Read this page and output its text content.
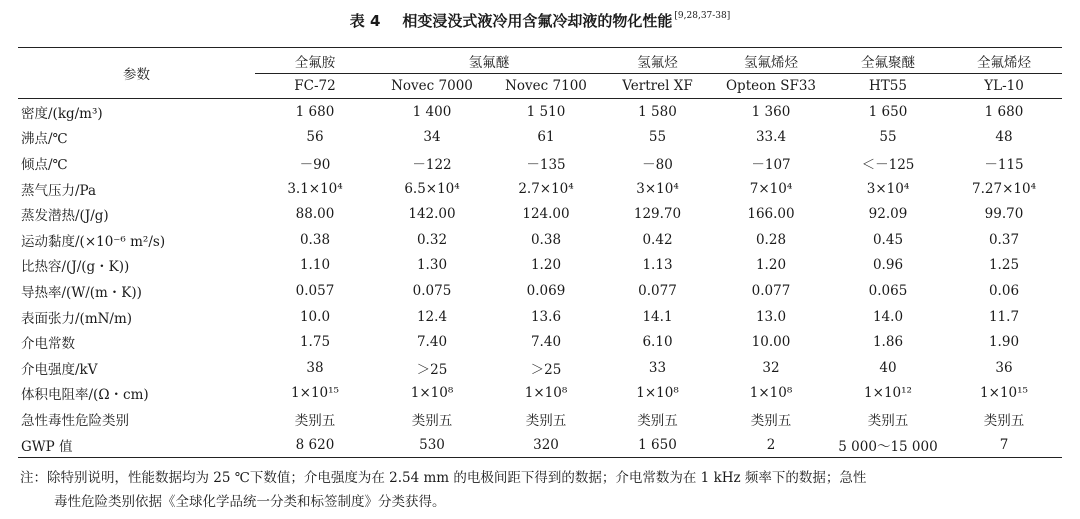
表 4 相变浸没式液冷用含氟冷却液的物化性能 [9,28,37-38]
参数	全氟胺	氢氟醚		氢氟烃	氢氟烯烃	全氟聚醚	全氟烯烃
	FC-72	Novec 7000	Novec 7100	Vertrel XF	Opteon SF33	HT55	YL-10
密度/(kg/m³)	1 680	1 400	1 510	1 580	1 360	1 650	1 680
沸点/℃	56	34	61	55	33.4	55	48
倾点/℃	－90	－122	－135	－80	－107	＜－125	－115
蒸气压力/Pa	3.1×10⁴	6.5×10⁴	2.7×10⁴	3×10⁴	7×10⁴	3×10⁴	7.27×10⁴
蒸发潜热/(J/g)	88.00	142.00	124.00	129.70	166.00	92.09	99.70
运动黏度/(×10⁻⁶ m²/s)	0.38	0.32	0.38	0.42	0.28	0.45	0.37
比热容/(J/(g・K))	1.10	1.30	1.20	1.13	1.20	0.96	1.25
导热率/(W/(m・K))	0.057	0.075	0.069	0.077	0.077	0.065	0.06
表面张力/(mN/m)	10.0	12.4	13.6	14.1	13.0	14.0	11.7
介电常数	1.75	7.40	7.40	6.10	10.00	1.86	1.90
介电强度/kV	38	＞25	＞25	33	32	40	36
体积电阻率/(Ω・cm)	1×10¹⁵	1×10⁸	1×10⁸	1×10⁸	1×10⁸	1×10¹²	1×10¹⁵
急性毒性危险类别	类别五	类别五	类别五	类别五	类别五	类别五	类别五
GWP 值	8 620	530	320	1 650	2	5 000～15 000	7
注：除特别说明，性能数据均为 25 ℃下数值；介电强度为在 2.54 mm 的电极间距下得到的数据；介电常数为在 1 kHz 频率下的数据；急性
毒性危险类别依据《全球化学品统一分类和标签制度》分类获得。
